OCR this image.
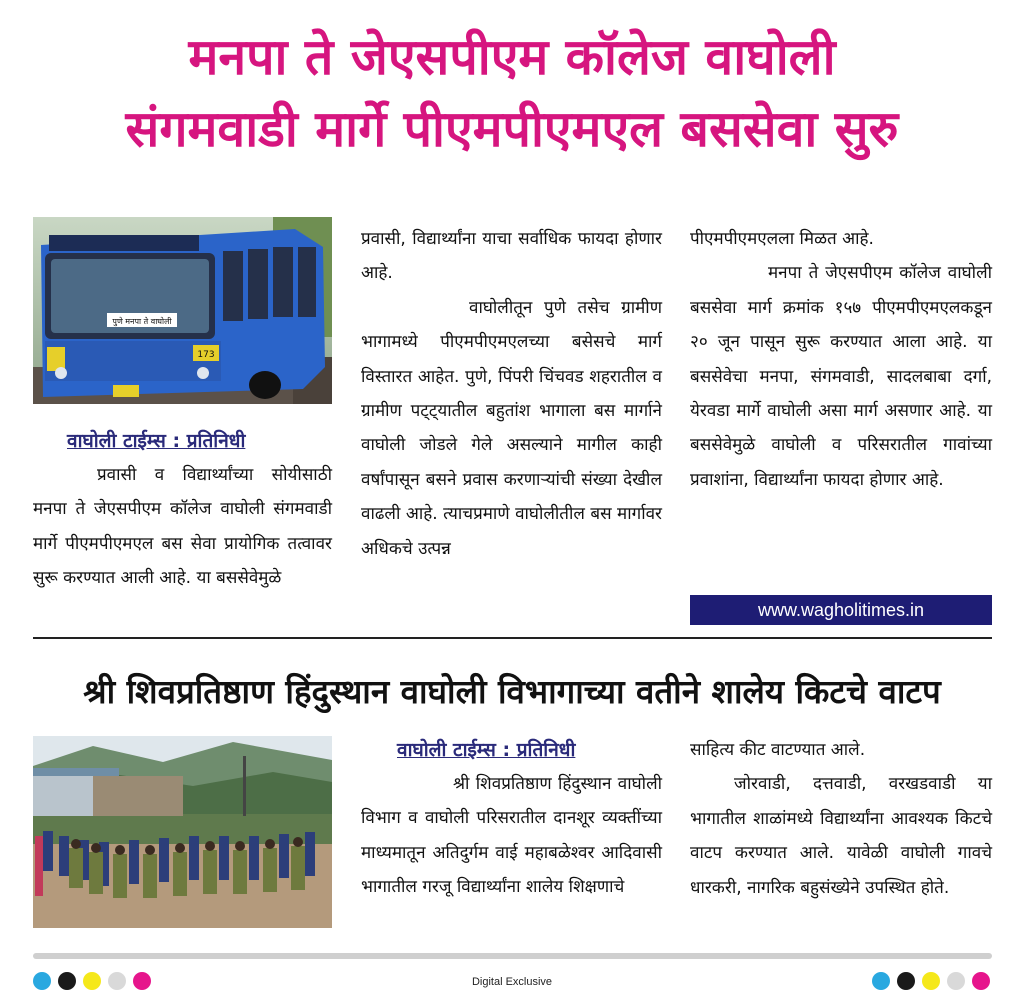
मनपा ते जेएसपीएम कॉलेज वाघोली
संगमवाडी मार्गे पीएमपीएमएल बससेवा सुरु
पुणे मनपा ते वाघोली
173
वाघोली टाईम्स : प्रतिनिधी

प्रवासी व विद्यार्थ्यांच्या सोयीसाठी मनपा ते जेएसपीएम कॉलेज वाघोली संगमवाडी मार्गे पीएमपीएमएल बस सेवा प्रायोगिक तत्वावर सुरू करण्यात आली आहे. या बससेवेमुळे

प्रवासी, विद्यार्थ्यांना याचा सर्वाधिक फायदा होणार आहे.

वाघोलीतून पुणे तसेच ग्रामीण भागामध्ये पीएमपीएमएलच्या बसेसचे मार्ग विस्तारत आहेत. पुणे, पिंपरी चिंचवड शहरातील व ग्रामीण पट्ट्यातील बहुतांश भागाला बस मार्गाने वाघोली जोडले गेले असल्याने मागील काही वर्षांपासून बसने प्रवास करणाऱ्यांची संख्या देखील वाढली आहे. त्याचप्रमाणे वाघोलीतील बस मार्गावर अधिकचे उत्पन्न

पीएमपीएमएलला मिळत आहे.

मनपा ते जेएसपीएम कॉलेज वाघोली बससेवा मार्ग क्रमांक १५७ पीएमपीएमएलकडून २० जून पासून सुरू करण्यात आला आहे. या बससेवेचा मनपा, संगमवाडी, सादलबाबा दर्गा, येरवडा मार्गे वाघोली असा मार्ग असणार आहे. या बससेवेमुळे वाघोली व परिसरातील गावांच्या प्रवाशांना, विद्यार्थ्यांना फायदा होणार आहे.

www.wagholitimes.in
श्री शिवप्रतिष्ठाण हिंदुस्थान वाघोली विभागाच्या वतीने शालेय किटचे वाटप
वाघोली टाईम्स : प्रतिनिधी

श्री शिवप्रतिष्ठाण हिंदुस्थान वाघोली विभाग व वाघोली परिसरातील दानशूर व्यक्तींच्या माध्यमातून अतिदुर्गम वाई महाबळेश्वर आदिवासी भागातील गरजू विद्यार्थ्यांना शालेय शिक्षणाचे

साहित्य कीट वाटण्यात आले.

जोरवाडी, दत्तवाडी, वरखडवाडी या भागातील शाळांमध्ये विद्यार्थ्यांना आवश्यक किटचे वाटप करण्यात आले. यावेळी वाघोली गावचे धारकरी, नागरिक बहुसंख्येने उपस्थित होते.

Digital Exclusive
